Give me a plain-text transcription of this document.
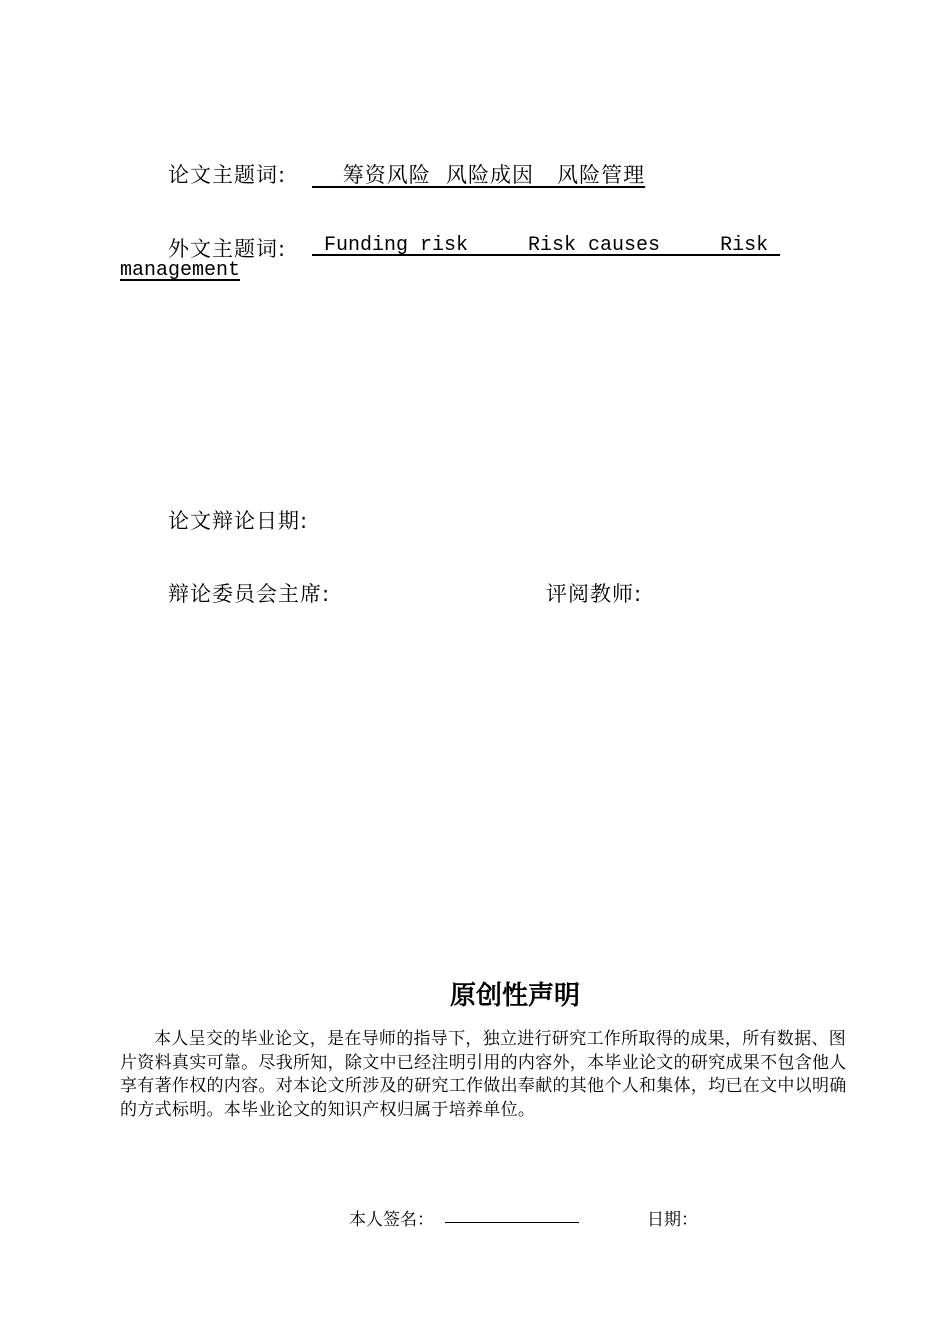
论文主题词: 筹资风险  风险成因   风险管理
外文主题词: Funding risk     Risk causes     Risk
management
论文辩论日期:
辩论委员会主席:	评阅教师:
原创性声明
本人呈交的毕业论文，是在导师的指导下，独立进行研究工作所取得的成果，所有数据、图片资料真实可靠。尽我所知，除文中已经注明引用的内容外，本毕业论文的研究成果不包含他人享有著作权的内容。对本论文所涉及的研究工作做出奉献的其他个人和集体，均已在文中以明确的方式标明。本毕业论文的知识产权归属于培养单位。
本人签名：	日期：
